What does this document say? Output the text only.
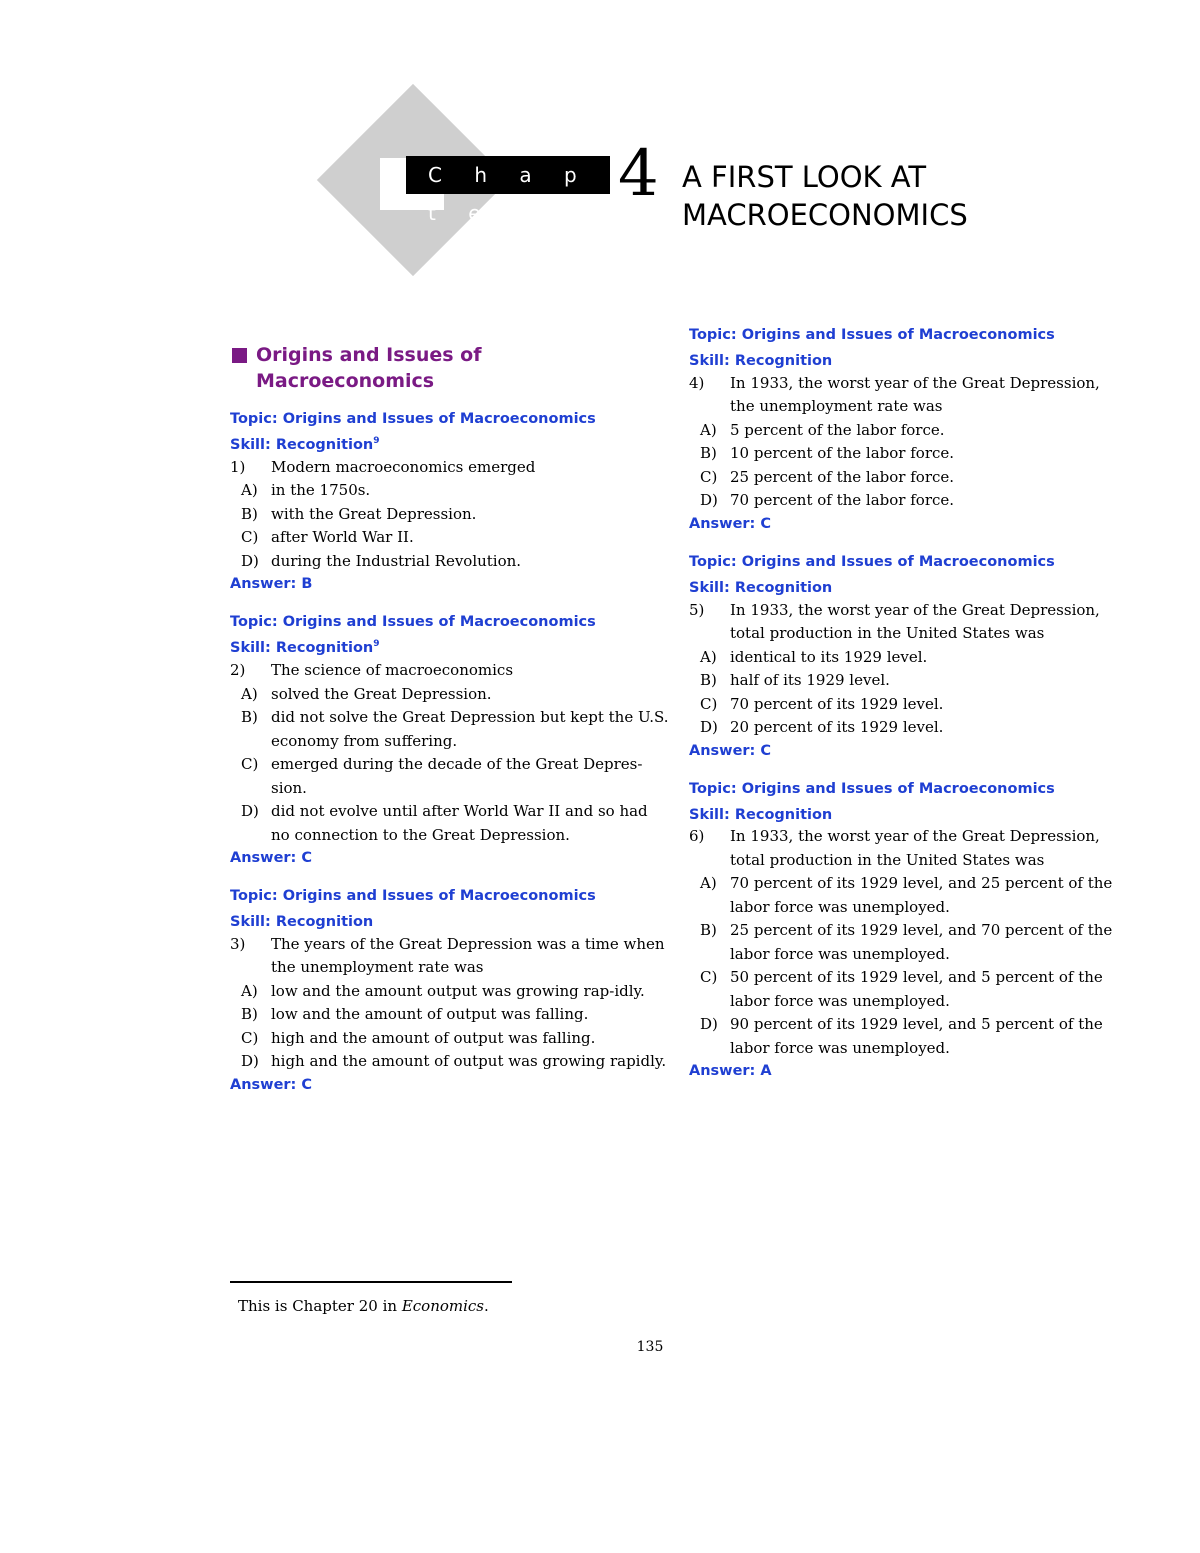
C h a p t e r
4 A FIRST LOOK AT
MACROECONOMICS
Origins and Issues of
Macroeconomics
Topic: Origins and Issues of Macroeconomics
Skill: Recognition$^9$
1)	Modern macroeconomics emerged
A) in the 1750s.
B) with the Great Depression.
C) after World War II.
D) during the Industrial Revolution.
Answer: B
Topic: Origins and Issues of Macroeconomics
Skill: Recognition$^9$
2)	The science of macroeconomics
A) solved the Great Depression.
B) did not solve the Great Depression but kept the U.S. economy from suffering.
C) emerged during the decade of the Great Depres-sion.
D) did not evolve until after World War II and so had no connection to the Great Depression.
Answer: C
Topic: Origins and Issues of Macroeconomics
Skill: Recognition
3)	The years of the Great Depression was a time when the unemployment rate was
A) low and the amount output was growing rap-idly.
B) low and the amount of output was falling.
C) high and the amount of output was falling.
D) high and the amount of output was growing rapidly.
Answer: C
Topic: Origins and Issues of Macroeconomics
Skill: Recognition
4)	In 1933, the worst year of the Great Depression, the unemployment rate was
A) 5 percent of the labor force.
B) 10 percent of the labor force.
C) 25 percent of the labor force.
D) 70 percent of the labor force.
Answer: C
Topic: Origins and Issues of Macroeconomics
Skill: Recognition
5)	In 1933, the worst year of the Great Depression, total production in the United States was
A) identical to its 1929 level.
B) half of its 1929 level.
C) 70 percent of its 1929 level.
D) 20 percent of its 1929 level.
Answer: C
Topic: Origins and Issues of Macroeconomics
Skill: Recognition
6)	In 1933, the worst year of the Great Depression, total production in the United States was
A) 70 percent of its 1929 level, and 25 percent of the labor force was unemployed.
B) 25 percent of its 1929 level, and 70 percent of the labor force was unemployed.
C) 50 percent of its 1929 level, and 5 percent of the labor force was unemployed.
D) 90 percent of its 1929 level, and 5 percent of the labor force was unemployed.
Answer: A
This is Chapter 20 in Economics.
135
